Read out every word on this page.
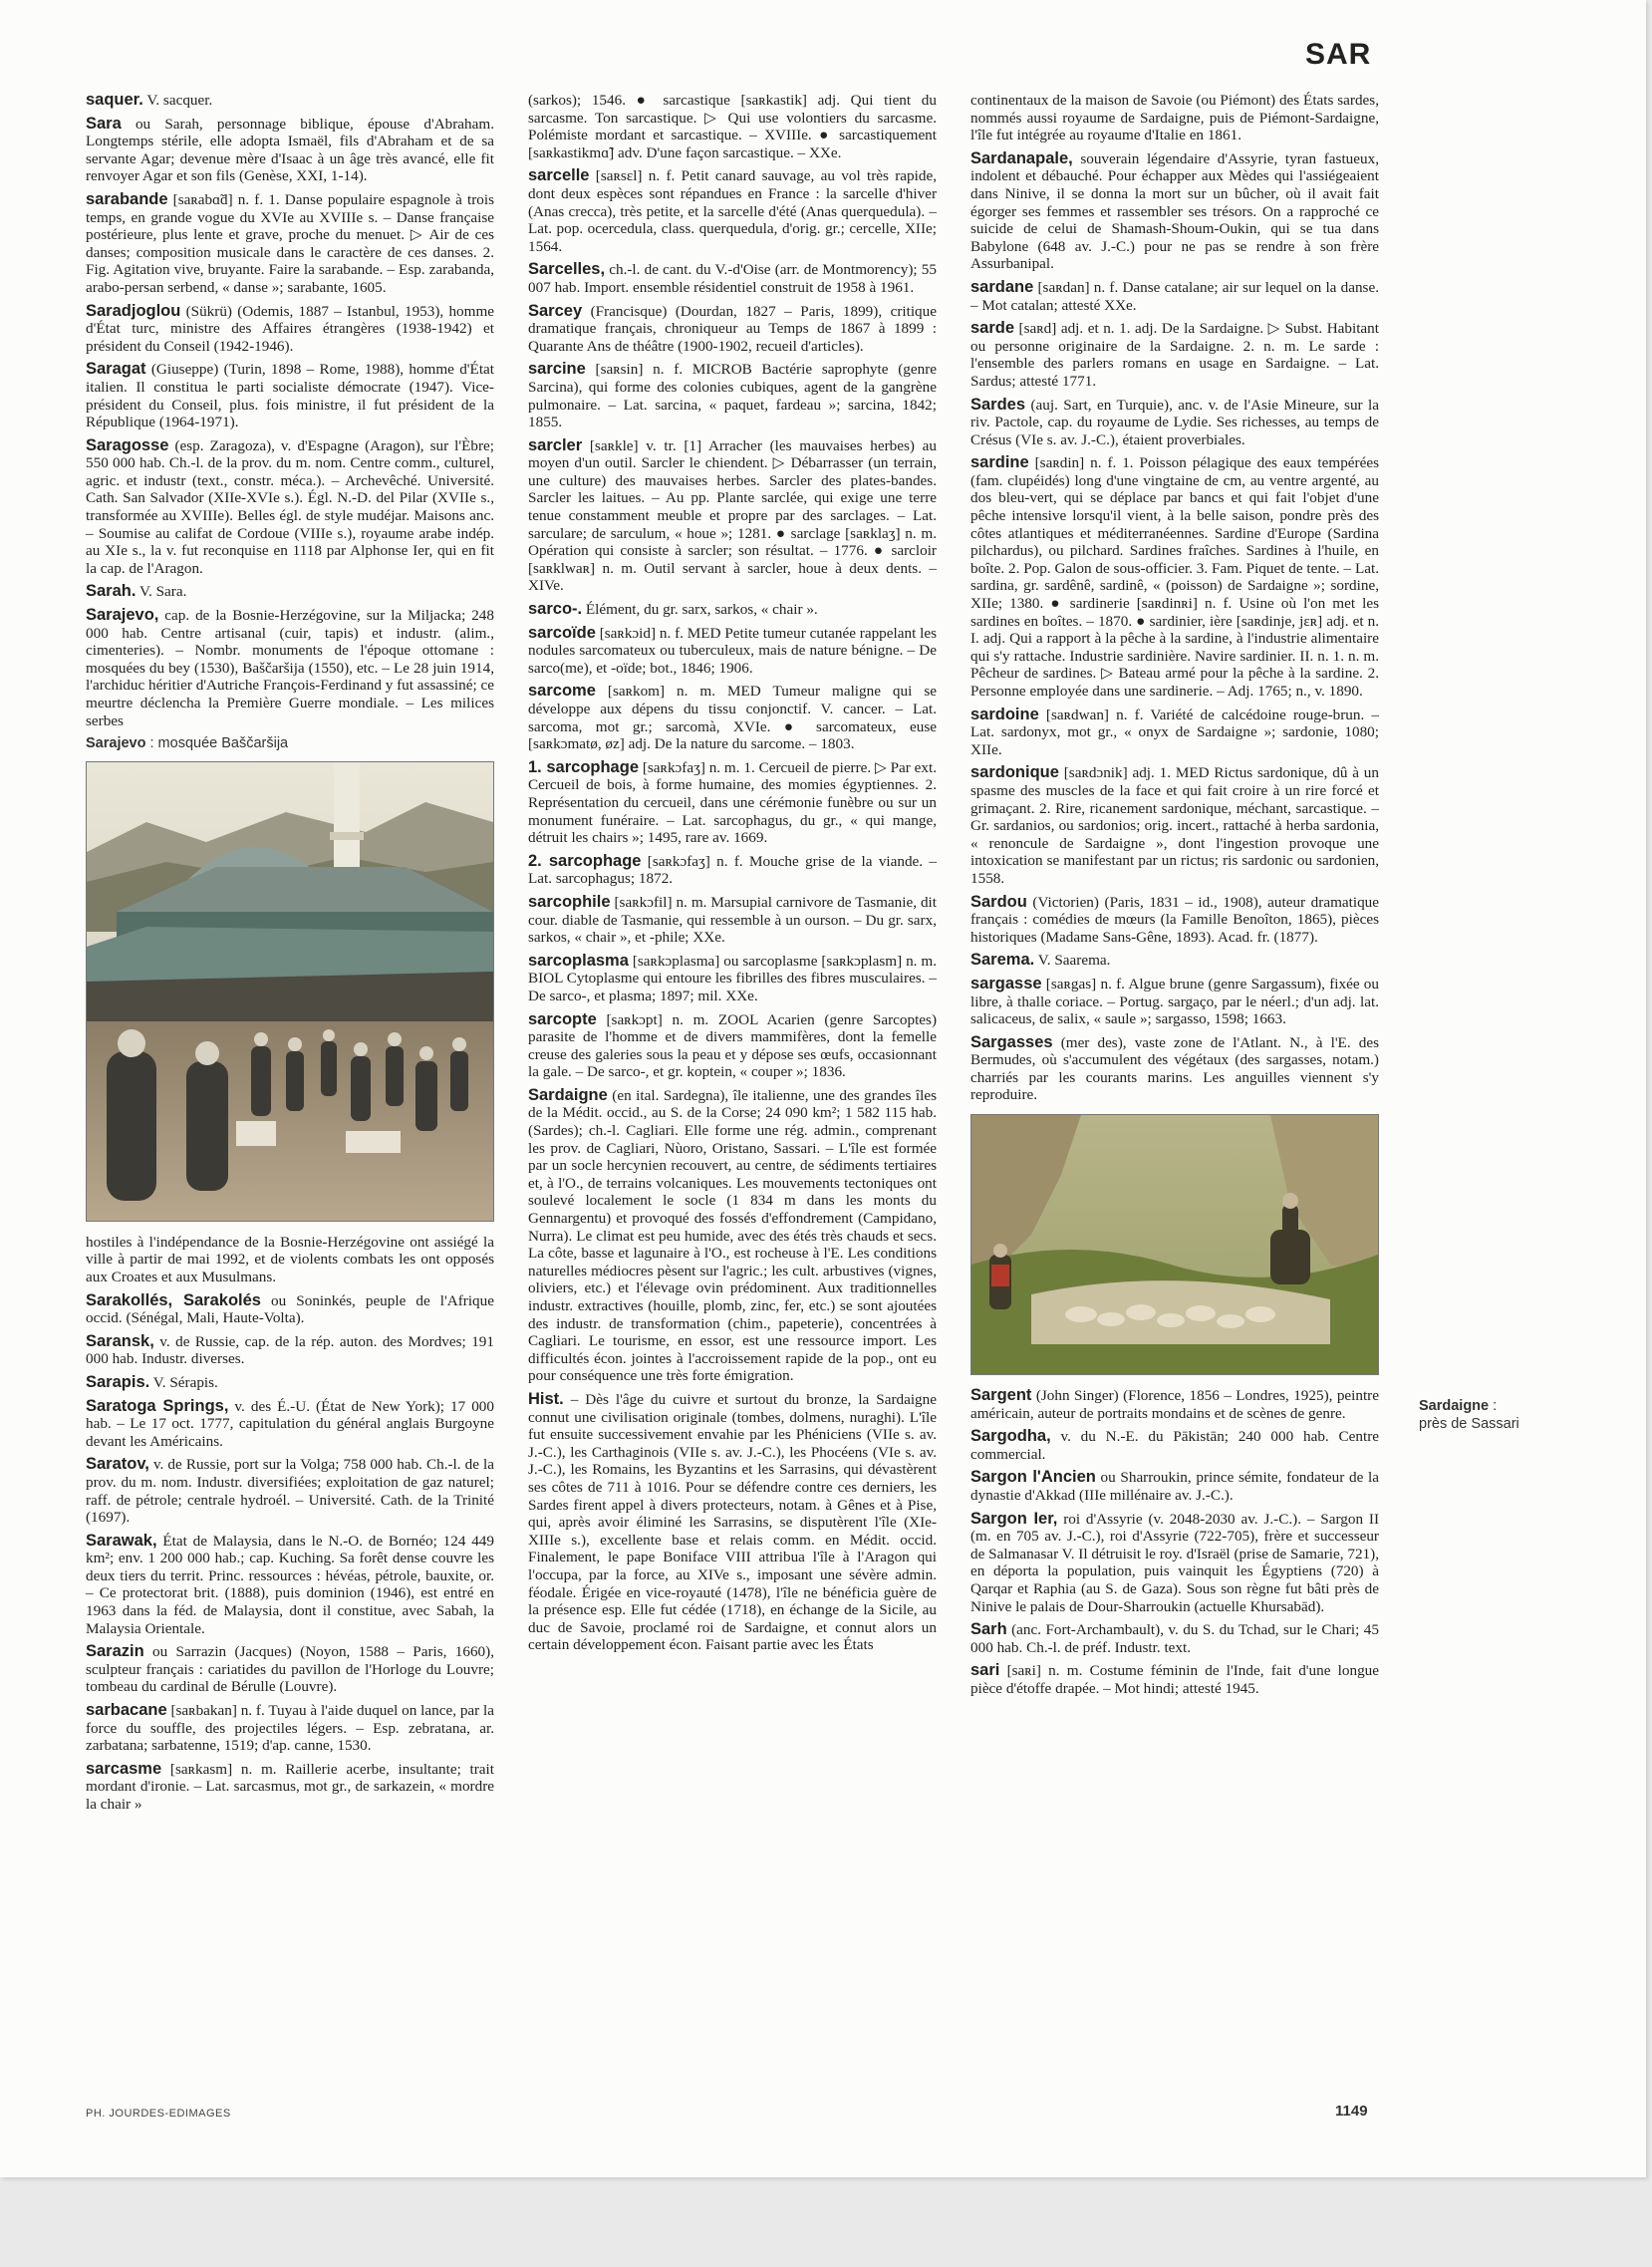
SAR

saquer. V. sacquer.

Sara ou Sarah, personnage biblique, épouse d'Abraham. Longtemps stérile, elle adopta Ismaël, fils d'Abraham et de sa servante Agar; devenue mère d'Isaac à un âge très avancé, elle fit renvoyer Agar et son fils (Genèse, XXI, 1-14).

sarabande [saʀabɑ̃d] n. f. 1. Danse populaire espagnole à trois temps, en grande vogue du XVIe au XVIIIe s. – Danse française postérieure, plus lente et grave, proche du menuet. ▷ Air de ces danses; composition musicale dans le caractère de ces danses. 2. Fig. Agitation vive, bruyante. Faire la sarabande. – Esp. zarabanda, arabo-persan serbend, « danse »; sarabante, 1605.

Saradjoglou (Sükrü) (Odemis, 1887 – Istanbul, 1953), homme d'État turc, ministre des Affaires étrangères (1938-1942) et président du Conseil (1942-1946).

Saragat (Giuseppe) (Turin, 1898 – Rome, 1988), homme d'État italien. Il constitua le parti socialiste démocrate (1947). Vice-président du Conseil, plus. fois ministre, il fut président de la République (1964-1971).

Saragosse (esp. Zaragoza), v. d'Espagne (Aragon), sur l'Èbre; 550 000 hab. Ch.-l. de la prov. du m. nom. Centre comm., culturel, agric. et industr (text., constr. méca.). – Archevêché. Université. Cath. San Salvador (XIIe-XVIe s.). Égl. N.-D. del Pilar (XVIIe s., transformée au XVIIIe). Belles égl. de style mudéjar. Maisons anc. – Soumise au califat de Cordoue (VIIIe s.), royaume arabe indép. au XIe s., la v. fut reconquise en 1118 par Alphonse Ier, qui en fit la cap. de l'Aragon.

Sarah. V. Sara.

Sarajevo, cap. de la Bosnie-Herzégovine, sur la Miljacka; 248 000 hab. Centre artisanal (cuir, tapis) et industr. (alim., cimenteries). – Nombr. monuments de l'époque ottomane : mosquées du bey (1530), Baščaršija (1550), etc. – Le 28 juin 1914, l'archiduc héritier d'Autriche François-Ferdinand y fut assassiné; ce meurtre déclencha la Première Guerre mondiale. – Les milices serbes

Sarajevo : mosquée Baščaršija

hostiles à l'indépendance de la Bosnie-Herzégovine ont assiégé la ville à partir de mai 1992, et de violents combats les ont opposés aux Croates et aux Musulmans.

Sarakollés, Sarakolés ou Soninkés, peuple de l'Afrique occid. (Sénégal, Mali, Haute-Volta).

Saransk, v. de Russie, cap. de la rép. auton. des Mordves; 191 000 hab. Industr. diverses.

Sarapis. V. Sérapis.

Saratoga Springs, v. des É.-U. (État de New York); 17 000 hab. – Le 17 oct. 1777, capitulation du général anglais Burgoyne devant les Américains.

Saratov, v. de Russie, port sur la Volga; 758 000 hab. Ch.-l. de la prov. du m. nom. Industr. diversifiées; exploitation de gaz naturel; raff. de pétrole; centrale hydroél. – Université. Cath. de la Trinité (1697).

Sarawak, État de Malaysia, dans le N.-O. de Bornéo; 124 449 km²; env. 1 200 000 hab.; cap. Kuching. Sa forêt dense couvre les deux tiers du territ. Princ. ressources : hévéas, pétrole, bauxite, or. – Ce protectorat brit. (1888), puis dominion (1946), est entré en 1963 dans la féd. de Malaysia, dont il constitue, avec Sabah, la Malaysia Orientale.

Sarazin ou Sarrazin (Jacques) (Noyon, 1588 – Paris, 1660), sculpteur français : cariatides du pavillon de l'Horloge du Louvre; tombeau du cardinal de Bérulle (Louvre).

sarbacane [saʀbakan] n. f. Tuyau à l'aide duquel on lance, par la force du souffle, des projectiles légers. – Esp. zebratana, ar. zarbatana; sarbatenne, 1519; d'ap. canne, 1530.

sarcasme [saʀkasm] n. m. Raillerie acerbe, insultante; trait mordant d'ironie. – Lat. sarcasmus, mot gr., de sarkazein, « mordre la chair »

(sarkos); 1546. ● sarcastique [saʀkastik] adj. Qui tient du sarcasme. Ton sarcastique. ▷ Qui use volontiers du sarcasme. Polémiste mordant et sarcastique. – XVIIIe. ● sarcastiquement [saʀkastikmɑ̃] adv. D'une façon sarcastique. – XXe.

sarcelle [saʀsɛl] n. f. Petit canard sauvage, au vol très rapide, dont deux espèces sont répandues en France : la sarcelle d'hiver (Anas crecca), très petite, et la sarcelle d'été (Anas querquedula). – Lat. pop. ocercedula, class. querquedula, d'orig. gr.; cercelle, XIIe; 1564.

Sarcelles, ch.-l. de cant. du V.-d'Oise (arr. de Montmorency); 55 007 hab. Import. ensemble résidentiel construit de 1958 à 1961.

Sarcey (Francisque) (Dourdan, 1827 – Paris, 1899), critique dramatique français, chroniqueur au Temps de 1867 à 1899 : Quarante Ans de théâtre (1900-1902, recueil d'articles).

sarcine [saʀsin] n. f. MICROB Bactérie saprophyte (genre Sarcina), qui forme des colonies cubiques, agent de la gangrène pulmonaire. – Lat. sarcina, « paquet, fardeau »; sarcina, 1842; 1855.

sarcler [saʀkle] v. tr. [1] Arracher (les mauvaises herbes) au moyen d'un outil. Sarcler le chiendent. ▷ Débarrasser (un terrain, une culture) des mauvaises herbes. Sarcler des plates-bandes. Sarcler les laitues. – Au pp. Plante sarclée, qui exige une terre tenue constamment meuble et propre par des sarclages. – Lat. sarculare; de sarculum, « houe »; 1281. ● sarclage [saʀklaʒ] n. m. Opération qui consiste à sarcler; son résultat. – 1776. ● sarcloir [saʀklwaʀ] n. m. Outil servant à sarcler, houe à deux dents. – XIVe.

sarco-. Élément, du gr. sarx, sarkos, « chair ».

sarcoïde [saʀkɔid] n. f. MED Petite tumeur cutanée rappelant les nodules sarcomateux ou tuberculeux, mais de nature bénigne. – De sarco(me), et -oïde; bot., 1846; 1906.

sarcome [saʀkom] n. m. MED Tumeur maligne qui se développe aux dépens du tissu conjonctif. V. cancer. – Lat. sarcoma, mot gr.; sarcomà, XVIe. ● sarcomateux, euse [saʀkɔmatø, øz] adj. De la nature du sarcome. – 1803.

1. sarcophage [saʀkɔfaʒ] n. m. 1. Cercueil de pierre. ▷ Par ext. Cercueil de bois, à forme humaine, des momies égyptiennes. 2. Représentation du cercueil, dans une cérémonie funèbre ou sur un monument funéraire. – Lat. sarcophagus, du gr., « qui mange, détruit les chairs »; 1495, rare av. 1669.

2. sarcophage [saʀkɔfaʒ] n. f. Mouche grise de la viande. – Lat. sarcophagus; 1872.

sarcophile [saʀkɔfil] n. m. Marsupial carnivore de Tasmanie, dit cour. diable de Tasmanie, qui ressemble à un ourson. – Du gr. sarx, sarkos, « chair », et -phile; XXe.

sarcoplasma [saʀkɔplasma] ou sarcoplasme [saʀkɔplasm] n. m. BIOL Cytoplasme qui entoure les fibrilles des fibres musculaires. – De sarco-, et plasma; 1897; mil. XXe.

sarcopte [saʀkɔpt] n. m. ZOOL Acarien (genre Sarcoptes) parasite de l'homme et de divers mammifères, dont la femelle creuse des galeries sous la peau et y dépose ses œufs, occasionnant la gale. – De sarco-, et gr. koptein, « couper »; 1836.

Sardaigne (en ital. Sardegna), île italienne, une des grandes îles de la Médit. occid., au S. de la Corse; 24 090 km²; 1 582 115 hab. (Sardes); ch.-l. Cagliari. Elle forme une rég. admin., comprenant les prov. de Cagliari, Nùoro, Oristano, Sassari. – L'île est formée par un socle hercynien recouvert, au centre, de sédiments tertiaires et, à l'O., de terrains volcaniques. Les mouvements tectoniques ont soulevé localement le socle (1 834 m dans les monts du Gennargentu) et provoqué des fossés d'effondrement (Campidano, Nurra). Le climat est peu humide, avec des étés très chauds et secs. La côte, basse et lagunaire à l'O., est rocheuse à l'E. Les conditions naturelles médiocres pèsent sur l'agric.; les cult. arbustives (vignes, oliviers, etc.) et l'élevage ovin prédominent. Aux traditionnelles industr. extractives (houille, plomb, zinc, fer, etc.) se sont ajoutées des industr. de transformation (chim., papeterie), concentrées à Cagliari. Le tourisme, en essor, est une ressource import. Les difficultés écon. jointes à l'accroissement rapide de la pop., ont eu pour conséquence une très forte émigration.

Hist. – Dès l'âge du cuivre et surtout du bronze, la Sardaigne connut une civilisation originale (tombes, dolmens, nuraghi). L'île fut ensuite successivement envahie par les Phéniciens (VIIe s. av. J.-C.), les Carthaginois (VIIe s. av. J.-C.), les Phocéens (VIe s. av. J.-C.), les Romains, les Byzantins et les Sarrasins, qui dévastèrent ses côtes de 711 à 1016. Pour se défendre contre ces derniers, les Sardes firent appel à divers protecteurs, notam. à Gênes et à Pise, qui, après avoir éliminé les Sarrasins, se disputèrent l'île (XIe-XIIIe s.), excellente base et relais comm. en Médit. occid. Finalement, le pape Boniface VIII attribua l'île à l'Aragon qui l'occupa, par la force, au XIVe s., imposant une sévère admin. féodale. Érigée en vice-royauté (1478), l'île ne bénéficia guère de la présence esp. Elle fut cédée (1718), en échange de la Sicile, au duc de Savoie, proclamé roi de Sardaigne, et connut alors un certain développement écon. Faisant partie avec les États

continentaux de la maison de Savoie (ou Piémont) des États sardes, nommés aussi royaume de Sardaigne, puis de Piémont-Sardaigne, l'île fut intégrée au royaume d'Italie en 1861.

Sardanapale, souverain légendaire d'Assyrie, tyran fastueux, indolent et débauché. Pour échapper aux Mèdes qui l'assiégeaient dans Ninive, il se donna la mort sur un bûcher, où il avait fait égorger ses femmes et rassembler ses trésors. On a rapproché ce suicide de celui de Shamash-Shoum-Oukin, qui se tua dans Babylone (648 av. J.-C.) pour ne pas se rendre à son frère Assurbanipal.

sardane [saʀdan] n. f. Danse catalane; air sur lequel on la danse. – Mot catalan; attesté XXe.

sarde [saʀd] adj. et n. 1. adj. De la Sardaigne. ▷ Subst. Habitant ou personne originaire de la Sardaigne. 2. n. m. Le sarde : l'ensemble des parlers romans en usage en Sardaigne. – Lat. Sardus; attesté 1771.

Sardes (auj. Sart, en Turquie), anc. v. de l'Asie Mineure, sur la riv. Pactole, cap. du royaume de Lydie. Ses richesses, au temps de Crésus (VIe s. av. J.-C.), étaient proverbiales.

sardine [saʀdin] n. f. 1. Poisson pélagique des eaux tempérées (fam. clupéidés) long d'une vingtaine de cm, au ventre argenté, au dos bleu-vert, qui se déplace par bancs et qui fait l'objet d'une pêche intensive lorsqu'il vient, à la belle saison, pondre près des côtes atlantiques et méditerranéennes. Sardine d'Europe (Sardina pilchardus), ou pilchard. Sardines fraîches. Sardines à l'huile, en boîte. 2. Pop. Galon de sous-officier. 3. Fam. Piquet de tente. – Lat. sardina, gr. sardênê, sardinê, « (poisson) de Sardaigne »; sordine, XIIe; 1380. ● sardinerie [saʀdinʀi] n. f. Usine où l'on met les sardines en boîtes. – 1870. ● sardinier, ière [saʀdinje, jɛʀ] adj. et n. I. adj. Qui a rapport à la pêche à la sardine, à l'industrie alimentaire qui s'y rattache. Industrie sardinière. Navire sardinier. II. n. 1. n. m. Pêcheur de sardines. ▷ Bateau armé pour la pêche à la sardine. 2. Personne employée dans une sardinerie. – Adj. 1765; n., v. 1890.

sardoine [saʀdwan] n. f. Variété de calcédoine rouge-brun. – Lat. sardonyx, mot gr., « onyx de Sardaigne »; sardonie, 1080; XIIe.

sardonique [saʀdɔnik] adj. 1. MED Rictus sardonique, dû à un spasme des muscles de la face et qui fait croire à un rire forcé et grimaçant. 2. Rire, ricanement sardonique, méchant, sarcastique. – Gr. sardanios, ou sardonios; orig. incert., rattaché à herba sardonia, « renoncule de Sardaigne », dont l'ingestion provoque une intoxication se manifestant par un rictus; ris sardonic ou sardonien, 1558.

Sardou (Victorien) (Paris, 1831 – id., 1908), auteur dramatique français : comédies de mœurs (la Famille Benoîton, 1865), pièces historiques (Madame Sans-Gêne, 1893). Acad. fr. (1877).

Sarema. V. Saarema.

sargasse [saʀgas] n. f. Algue brune (genre Sargassum), fixée ou libre, à thalle coriace. – Portug. sargaço, par le néerl.; d'un adj. lat. salicaceus, de salix, « saule »; sargasso, 1598; 1663.

Sargasses (mer des), vaste zone de l'Atlant. N., à l'E. des Bermudes, où s'accumulent des végétaux (des sargasses, notam.) charriés par les courants marins. Les anguilles viennent s'y reproduire.

Sargent (John Singer) (Florence, 1856 – Londres, 1925), peintre américain, auteur de portraits mondains et de scènes de genre.

Sargodha, v. du N.-E. du Pākistān; 240 000 hab. Centre commercial.

Sargon l'Ancien ou Sharroukin, prince sémite, fondateur de la dynastie d'Akkad (IIIe millénaire av. J.-C.).

Sargon Ier, roi d'Assyrie (v. 2048-2030 av. J.-C.). – Sargon II (m. en 705 av. J.-C.), roi d'Assyrie (722-705), frère et successeur de Salmanasar V. Il détruisit le roy. d'Israël (prise de Samarie, 721), en déporta la population, puis vainquit les Égyptiens (720) à Qarqar et Raphia (au S. de Gaza). Sous son règne fut bâti près de Ninive le palais de Dour-Sharroukin (actuelle Khursabād).

Sarh (anc. Fort-Archambault), v. du S. du Tchad, sur le Chari; 45 000 hab. Ch.-l. de préf. Industr. text.

sari [saʀi] n. m. Costume féminin de l'Inde, fait d'une longue pièce d'étoffe drapée. – Mot hindi; attesté 1945.

Sardaigne :
près de Sassari
PH. JOURDES-EDIMAGES	1149
